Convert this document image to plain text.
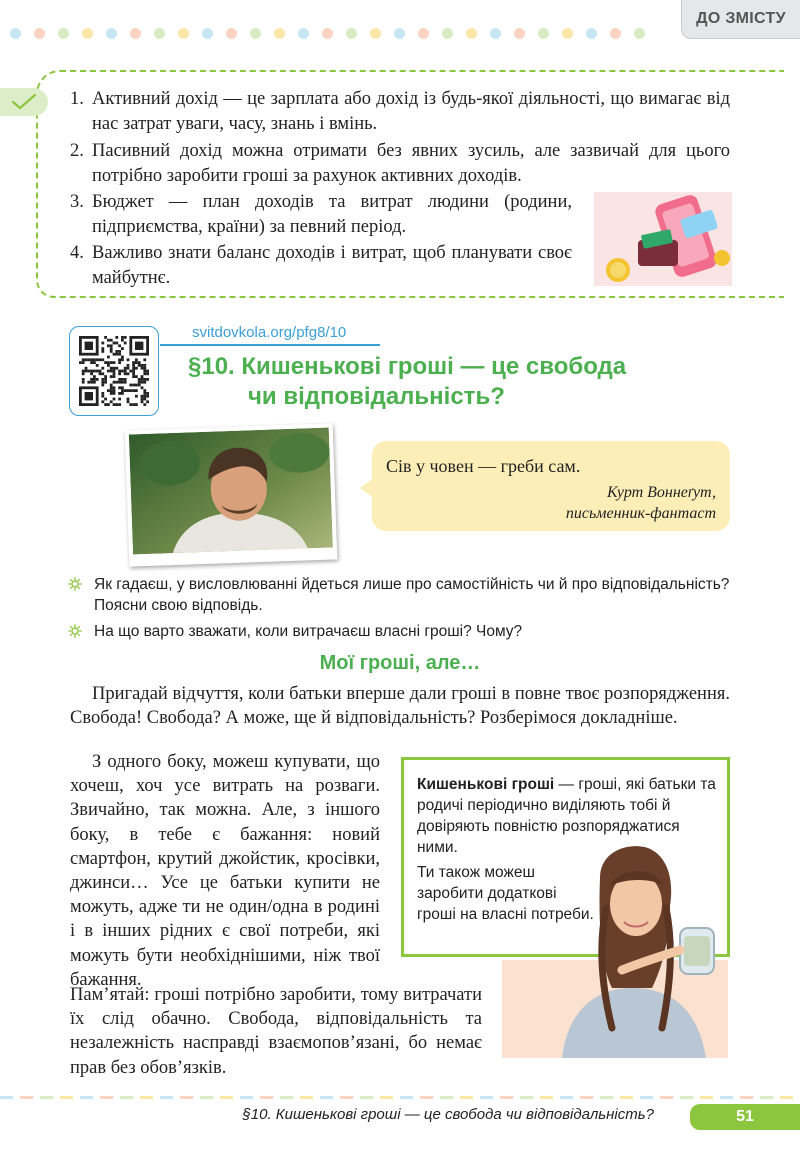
ДО ЗМІСТУ
1. Активний дохід — це зарплата або дохід із будь-якої діяльності, що вимагає від нас затрат уваги, часу, знань і вмінь.
2. Пасивний дохід можна отримати без явних зусиль, але зазвичай для цього потрібно заробити гроші за рахунок активних доходів.
3. Бюджет — план доходів та витрат людини (родини, підприємства, країни) за певний період.
4. Важливо знати баланс доходів і витрат, щоб планувати своє майбутнє.
svitdovkola.org/pfg8/10
§10. Кишенькові гроші — це свобода
чи відповідальність?
Сів у човен — греби сам.
Курт Воннеґут,
письменник-фантаст
Як гадаєш, у висловлюванні йдеться лише про самостійність чи й про відповідальність? Поясни свою відповідь.
На що варто зважати, коли витрачаєш власні гроші? Чому?
Мої гроші, але…
Пригадай відчуття, коли батьки вперше дали гроші в повне твоє розпорядження. Свобода! Свобода? А може, ще й відповідальність? Розберімося докладніше.
З одного боку, можеш купувати, що хочеш, хоч усе витрать на розваги. Звичайно, так можна. Але, з іншого боку, в тебе є бажання: новий смартфон, крутий джойстик, кросівки, джинси… Усе це батьки купити не можуть, адже ти не один/одна в родині і в інших рідних є свої потреби, які можуть бути необхіднішими, ніж твої бажання.
Пам’ятай: гроші потрібно заробити, тому витрачати їх слід обачно. Свобода, відповідальність та незалежність насправді взаємопов’язані, бо немає прав без обов’язків.
Кишенькові гроші — гроші, які батьки та родичі періодично виділяють тобі й довіряють повністю розпоряджатися ними.
Ти також можеш заробити додаткові гроші на власні потреби.
§10. Кишенькові гроші — це свобода чи відповідальність?	51
